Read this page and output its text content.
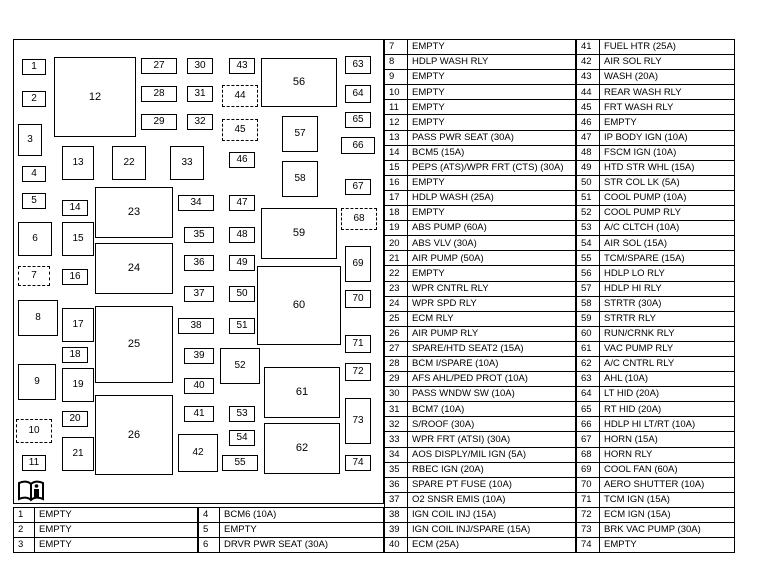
1
2
3
4
5
6
7
8
9
10
11
12
13
14
15
16
17
18
19
20
21
22
23
24
25
26
27
28
29
30
31
32
33
34
35
36
37
38
39
40
41
42
43
44
45
46
47
48
49
50
51
52
53
54
55
56
57
58
59
60
61
62
63
64
65
66
67
68
69
70
71
72
73
74
7	EMPTY
8	HDLP WASH RLY
9	EMPTY
10	EMPTY
11	EMPTY
12	EMPTY
13	PASS PWR SEAT (30A)
14	BCM5 (15A)
15	PEPS (ATS)/WPR FRT (CTS) (30A)
16	EMPTY
17	HDLP WASH (25A)
18	EMPTY
19	ABS PUMP (60A)
20	ABS VLV (30A)
21	AIR PUMP (50A)
22	EMPTY
23	WPR CNTRL RLY
24	WPR SPD RLY
25	ECM RLY
26	AIR PUMP RLY
27	SPARE/HTD SEAT2 (15A)
28	BCM I/SPARE (10A)
29	AFS AHL/PED PROT (10A)
30	PASS WNDW SW (10A)
31	BCM7 (10A)
32	S/ROOF (30A)
33	WPR FRT (ATSI) (30A)
34	AOS DISPLY/MIL IGN (5A)
35	RBEC IGN (20A)
36	SPARE PT FUSE (10A)
37	O2 SNSR EMIS (10A)
38	IGN COIL INJ (15A)
39	IGN COIL INJ/SPARE (15A)
40	ECM (25A)
41	FUEL HTR (25A)
42	AIR SOL RLY
43	WASH (20A)
44	REAR WASH RLY
45	FRT WASH RLY
46	EMPTY
47	IP BODY IGN (10A)
48	FSCM IGN (10A)
49	HTD STR WHL (15A)
50	STR COL LK (5A)
51	COOL PUMP (10A)
52	COOL PUMP RLY
53	A/C CLTCH (10A)
54	AIR SOL (15A)
55	TCM/SPARE (15A)
56	HDLP LO RLY
57	HDLP HI RLY
58	STRTR (30A)
59	STRTR RLY
60	RUN/CRNK RLY
61	VAC PUMP RLY
62	A/C CNTRL RLY
63	AHL (10A)
64	LT HID (20A)
65	RT HID (20A)
66	HDLP HI LT/RT (10A)
67	HORN (15A)
68	HORN RLY
69	COOL FAN (60A)
70	AERO SHUTTER (10A)
71	TCM IGN (15A)
72	ECM IGN (15A)
73	BRK VAC PUMP (30A)
74	EMPTY
1	EMPTY
2	EMPTY
3	EMPTY
4	BCM6 (10A)
5	EMPTY
6	DRVR PWR SEAT (30A)
